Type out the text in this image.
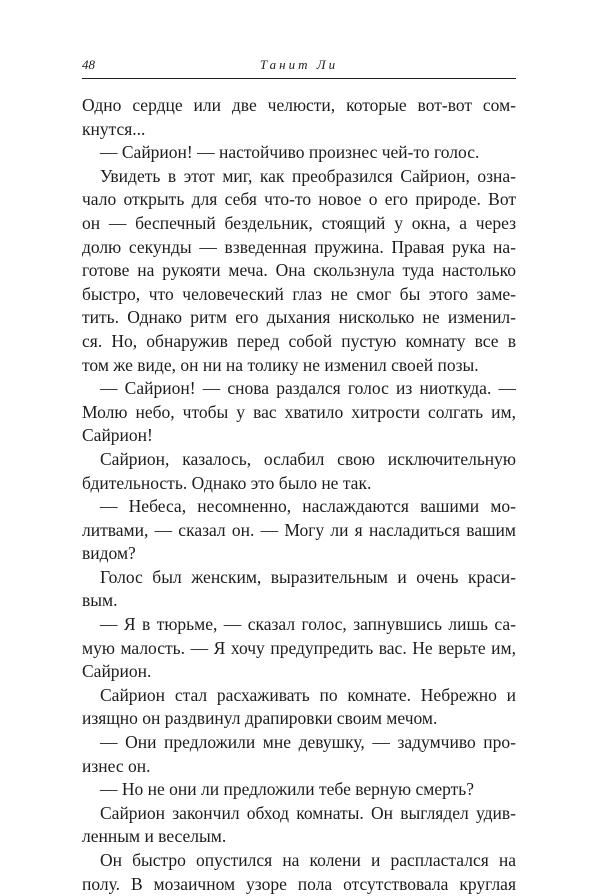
48	Танит Ли
Одно сердце или две челюсти, которые вот-вот сом-
кнутся...
— Сайрион! — настойчиво произнес чей-то голос.
Увидеть в этот миг, как преобразился Сайрион, озна-
чало открыть для себя что-то новое о его природе. Вот
он — беспечный бездельник, стоящий у окна, а через
долю секунды — взведенная пружина. Правая рука на-
готове на рукояти меча. Она скользнула туда настолько
быстро, что человеческий глаз не смог бы этого заме-
тить. Однако ритм его дыхания нисколько не изменил-
ся. Но, обнаружив перед собой пустую комнату все в
том же виде, он ни на толику не изменил своей позы.
— Сайрион! — снова раздался голос из ниоткуда. —
Молю небо, чтобы у вас хватило хитрости солгать им,
Сайрион!
Сайрион, казалось, ослабил свою исключительную
бдительность. Однако это было не так.
— Небеса, несомненно, наслаждаются вашими мо-
литвами, — сказал он. — Могу ли я насладиться вашим
видом?
Голос был женским, выразительным и очень краси-
вым.
— Я в тюрьме, — сказал голос, запнувшись лишь са-
мую малость. — Я хочу предупредить вас. Не верьте им,
Сайрион.
Сайрион стал расхаживать по комнате. Небрежно и
изящно он раздвинул драпировки своим мечом.
— Они предложили мне девушку, — задумчиво про-
изнес он.
— Но не они ли предложили тебе верную смерть?
Сайрион закончил обход комнаты. Он выглядел удив-
ленным и веселым.
Он быстро опустился на колени и распластался на
полу. В мозаичном узоре пола отсутствовала круглая
